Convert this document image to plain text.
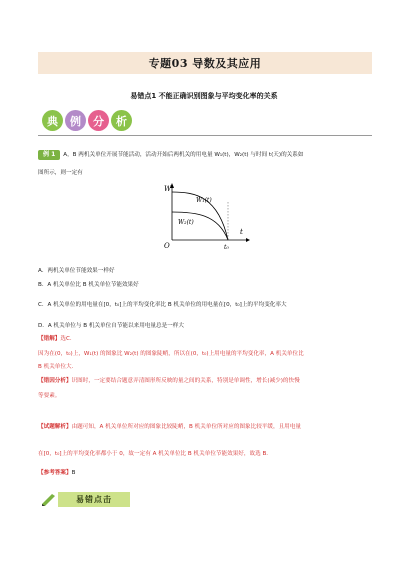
专题03 导数及其应用
易错点1 不能正确识别图象与平均变化率的关系
典	例	分	析
例 1 A，B 两机关单位开展节能活动，活动开始后两机关的用电量 W₁(t)，W₂(t) 与时间 t(天)的关系如
图所示，则一定有
W
W₁(t)
W₂(t)
O	t₀
t
A．两机关单位节能效果一样好
B．A 机关单位比 B 机关单位节能效果好
C．A 机关单位的用电量在[0，t₀]上的平均变化率比 B 机关单位的用电量在[0，t₀]上的平均变化率大
D．A 机关单位与 B 机关单位自节能以来用电量总是一样大
【错解】选C.
因为在(0，t₀)上，W₁(t) 的图象比 W₂(t) 的图象陡峭，所以在(0，t₀)上用电量的平均变化率，A 机关单位比
B 机关单位大.
【错因分析】识图时，一定要结合题意弄清图形所反映的量之间的关系，特别是单调性，增长(减少)的快慢
等要素。
【试题解析】由题可知，A 机关单位所对应的图象比较陡峭，B 机关单位所对应的图象比较平缓，且用电量
在[0，t₀]上的平均变化率都小于 0，故一定有 A 机关单位比 B 机关单位节能效果好，故选 B.
【参考答案】B
易错点击
